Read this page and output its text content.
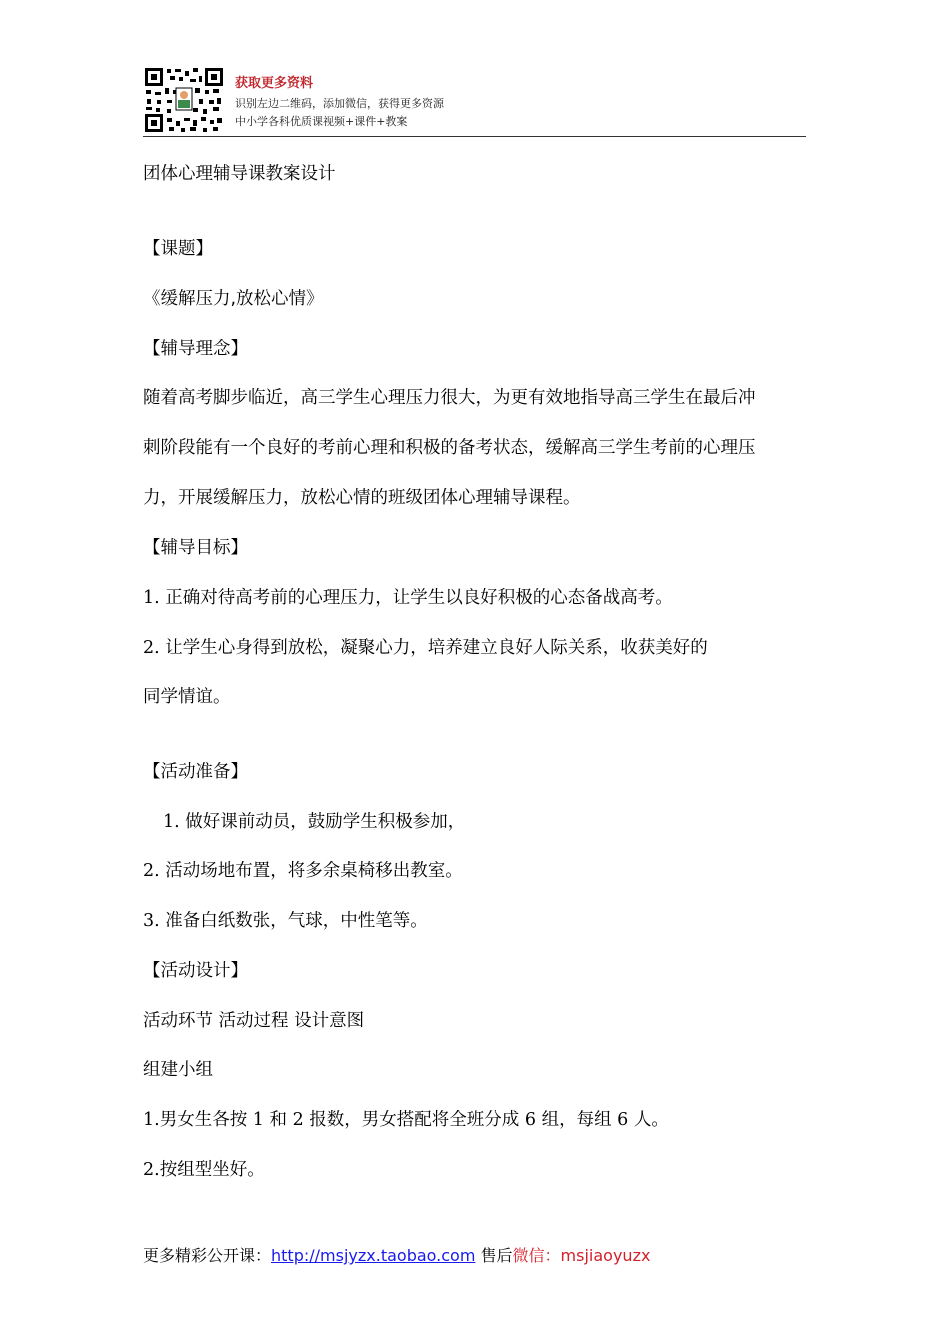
获取更多资料
识别左边二维码，添加微信，获得更多资源
中小学各科优质课视频+课件+教案
团体心理辅导课教案设计
【课题】
《缓解压力,放松心情》
【辅导理念】
随着高考脚步临近，高三学生心理压力很大，为更有效地指导高三学生在最后冲
刺阶段能有一个良好的考前心理和积极的备考状态，缓解高三学生考前的心理压
力，开展缓解压力，放松心情的班级团体心理辅导课程。
【辅导目标】
1. 正确对待高考前的心理压力，让学生以良好积极的心态备战高考。
2. 让学生心身得到放松，凝聚心力，培养建立良好人际关系，收获美好的
同学情谊。
【活动准备】
1. 做好课前动员，鼓励学生积极参加，
2. 活动场地布置，将多余桌椅移出教室。
3. 准备白纸数张，气球，中性笔等。
【活动设计】
活动环节 活动过程 设计意图
组建小组
1.男女生各按 1 和 2 报数，男女搭配将全班分成 6 组，每组 6 人。
2.按组型坐好。
更多精彩公开课：http://msjyzx.taobao.com 售后微信：msjiaoyuzx
